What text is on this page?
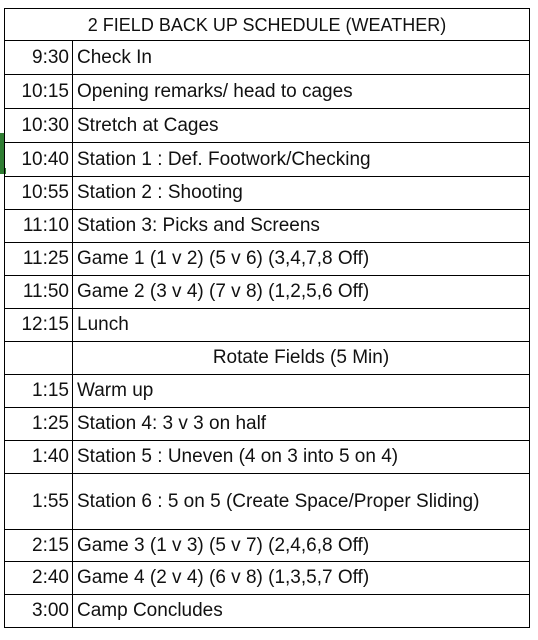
2 FIELD BACK UP SCHEDULE (WEATHER)	
9:30	Check In
10:15	Opening remarks/ head to cages
10:30	Stretch at Cages
10:40	Station 1 : Def. Footwork/Checking
10:55	Station 2 : Shooting
11:10	Station 3: Picks and Screens
11:25	Game 1 (1 v 2) (5 v 6) (3,4,7,8 Off)
11:50	Game 2 (3 v 4) (7 v 8) (1,2,5,6 Off)
12:15	Lunch
	Rotate Fields (5 Min)
1:15	Warm up
1:25	Station 4: 3 v 3 on half
1:40	Station 5 : Uneven (4 on 3 into 5 on 4)
1:55	Station 6 : 5 on 5 (Create Space/Proper Sliding)
2:15	Game 3 (1 v 3) (5 v 7) (2,4,6,8 Off)
2:40	Game 4 (2 v 4) (6 v 8) (1,3,5,7 Off)
3:00	Camp Concludes
